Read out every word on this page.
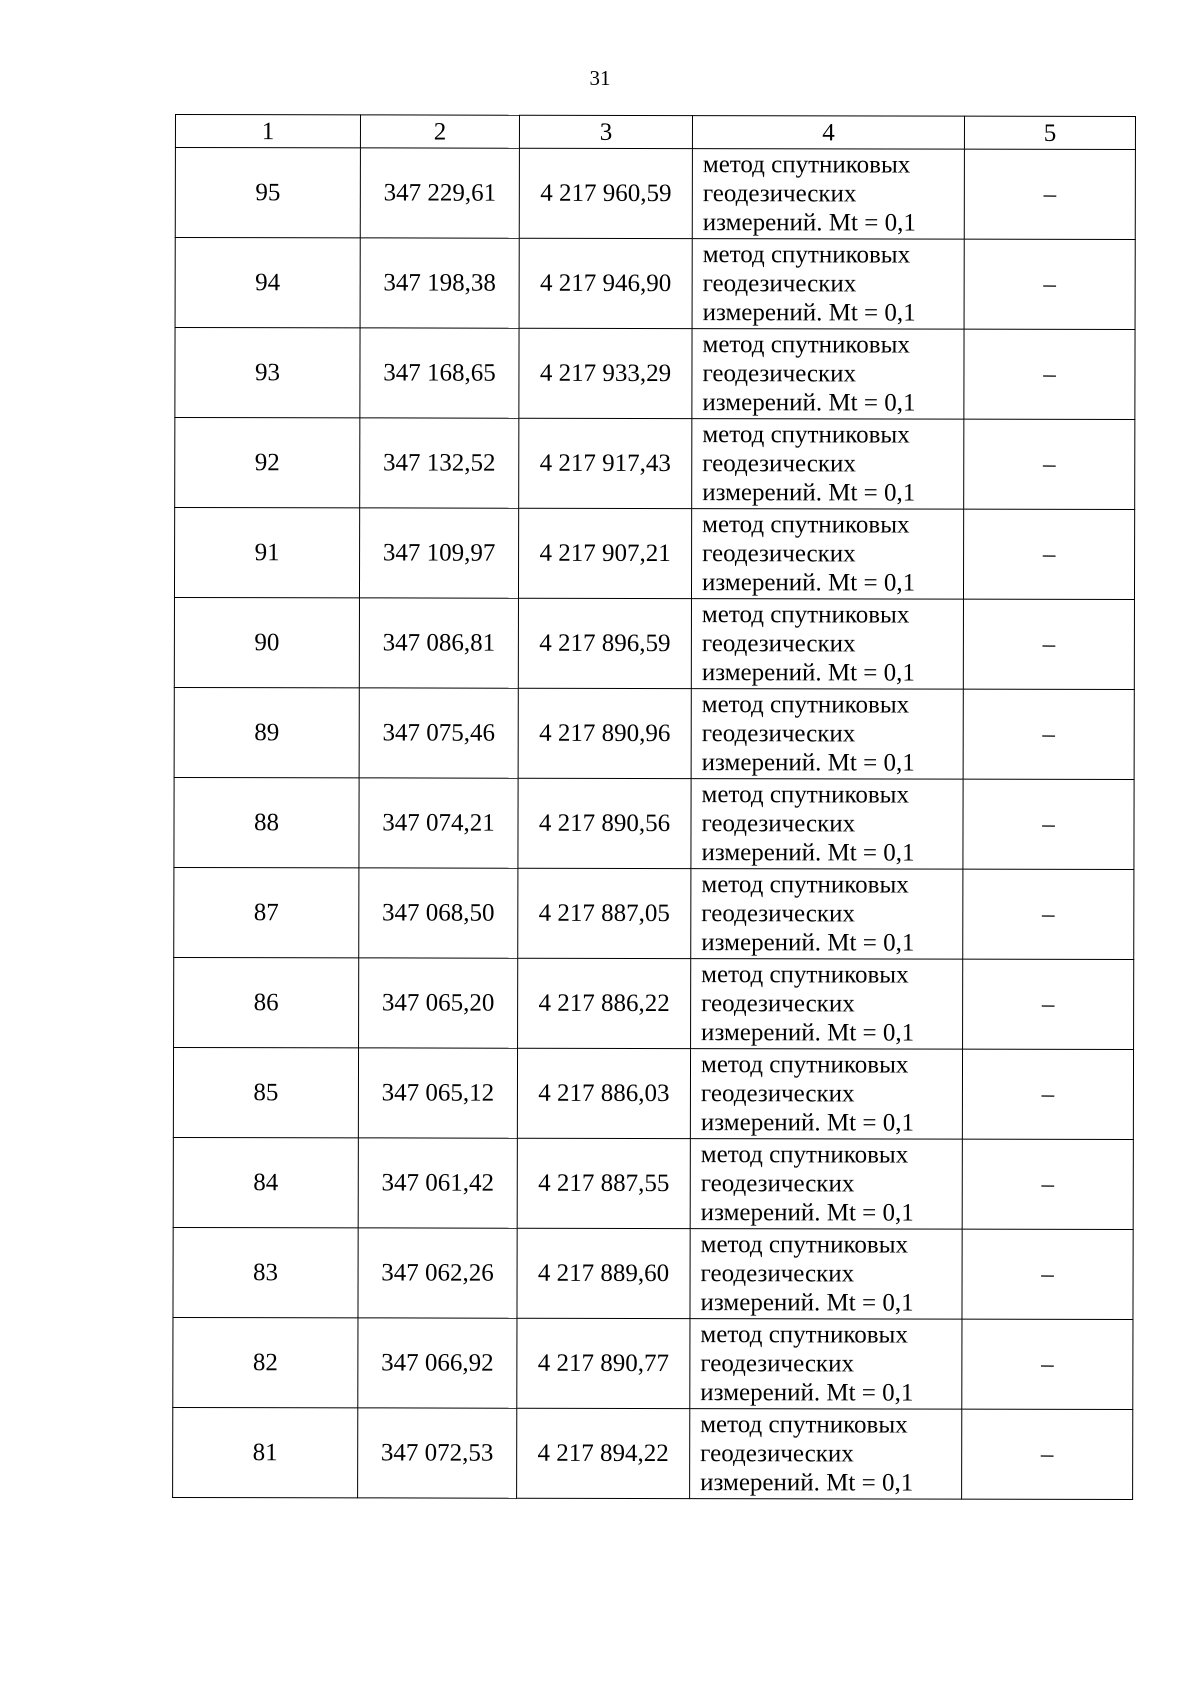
31
1	2	3	4	5
95	347 229,61	4 217 960,59	метод спутниковых
геодезических
измерений. Mt = 0,1	–
94	347 198,38	4 217 946,90	метод спутниковых
геодезических
измерений. Mt = 0,1	–
93	347 168,65	4 217 933,29	метод спутниковых
геодезических
измерений. Mt = 0,1	–
92	347 132,52	4 217 917,43	метод спутниковых
геодезических
измерений. Mt = 0,1	–
91	347 109,97	4 217 907,21	метод спутниковых
геодезических
измерений. Mt = 0,1	–
90	347 086,81	4 217 896,59	метод спутниковых
геодезических
измерений. Mt = 0,1	–
89	347 075,46	4 217 890,96	метод спутниковых
геодезических
измерений. Mt = 0,1	–
88	347 074,21	4 217 890,56	метод спутниковых
геодезических
измерений. Mt = 0,1	–
87	347 068,50	4 217 887,05	метод спутниковых
геодезических
измерений. Mt = 0,1	–
86	347 065,20	4 217 886,22	метод спутниковых
геодезических
измерений. Mt = 0,1	–
85	347 065,12	4 217 886,03	метод спутниковых
геодезических
измерений. Mt = 0,1	–
84	347 061,42	4 217 887,55	метод спутниковых
геодезических
измерений. Mt = 0,1	–
83	347 062,26	4 217 889,60	метод спутниковых
геодезических
измерений. Mt = 0,1	–
82	347 066,92	4 217 890,77	метод спутниковых
геодезических
измерений. Mt = 0,1	–
81	347 072,53	4 217 894,22	метод спутниковых
геодезических
измерений. Mt = 0,1	–
